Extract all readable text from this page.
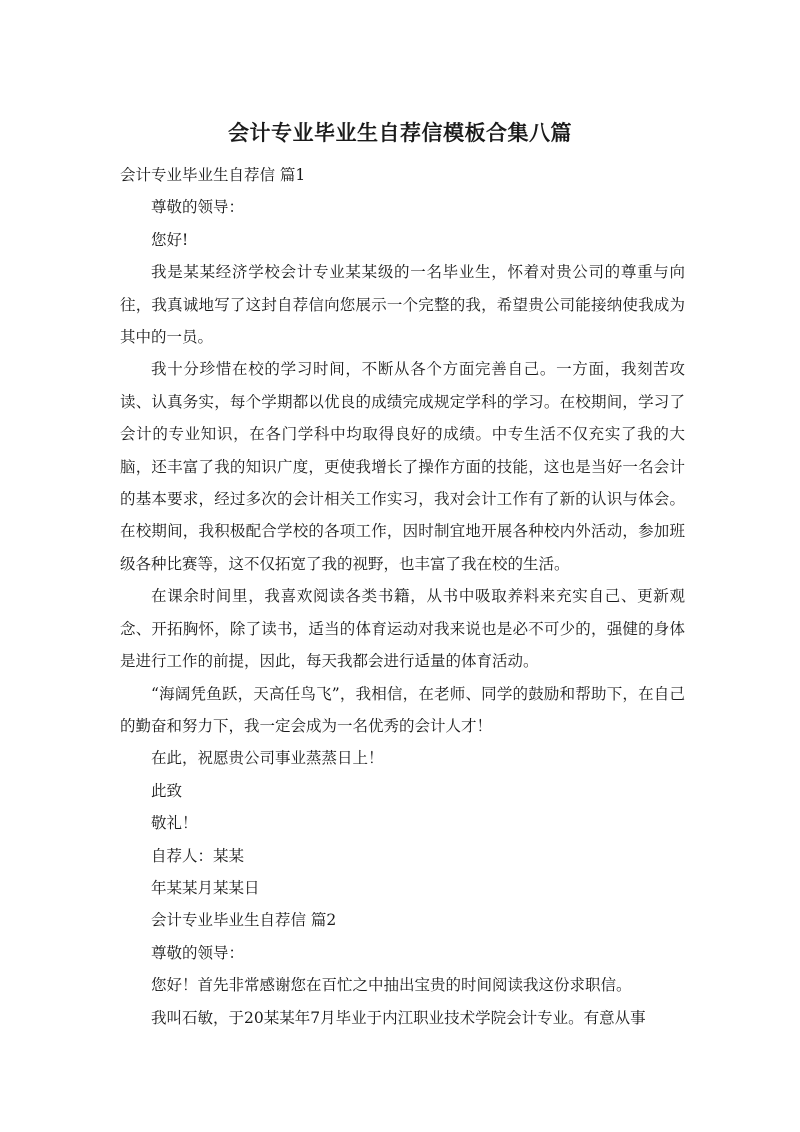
会计专业毕业生自荐信模板合集八篇

会计专业毕业生自荐信 篇1

尊敬的领导：

您好!

我是某某经济学校会计专业某某级的一名毕业生，怀着对贵公司的尊重与向往，我真诚地写了这封自荐信向您展示一个完整的我，希望贵公司能接纳使我成为其中的一员。

我十分珍惜在校的学习时间，不断从各个方面完善自己。一方面，我刻苦攻读、认真务实，每个学期都以优良的成绩完成规定学科的学习。在校期间，学习了会计的专业知识，在各门学科中均取得良好的成绩。中专生活不仅充实了我的大脑，还丰富了我的知识广度，更使我增长了操作方面的技能，这也是当好一名会计的基本要求，经过多次的会计相关工作实习，我对会计工作有了新的认识与体会。在校期间，我积极配合学校的各项工作，因时制宜地开展各种校内外活动，参加班级各种比赛等，这不仅拓宽了我的视野，也丰富了我在校的生活。

在课余时间里，我喜欢阅读各类书籍，从书中吸取养料来充实自己、更新观念、开拓胸怀，除了读书，适当的体育运动对我来说也是必不可少的，强健的身体是进行工作的前提，因此，每天我都会进行适量的体育活动。

“海阔凭鱼跃，天高任鸟飞”，我相信，在老师、同学的鼓励和帮助下，在自己的勤奋和努力下，我一定会成为一名优秀的会计人才！

在此，祝愿贵公司事业蒸蒸日上！

此致

敬礼！

自荐人：某某

年某某月某某日

会计专业毕业生自荐信 篇2

尊敬的领导：

您好！首先非常感谢您在百忙之中抽出宝贵的时间阅读我这份求职信。

我叫石敏，于20某某年7月毕业于内江职业技术学院会计专业。有意从事
